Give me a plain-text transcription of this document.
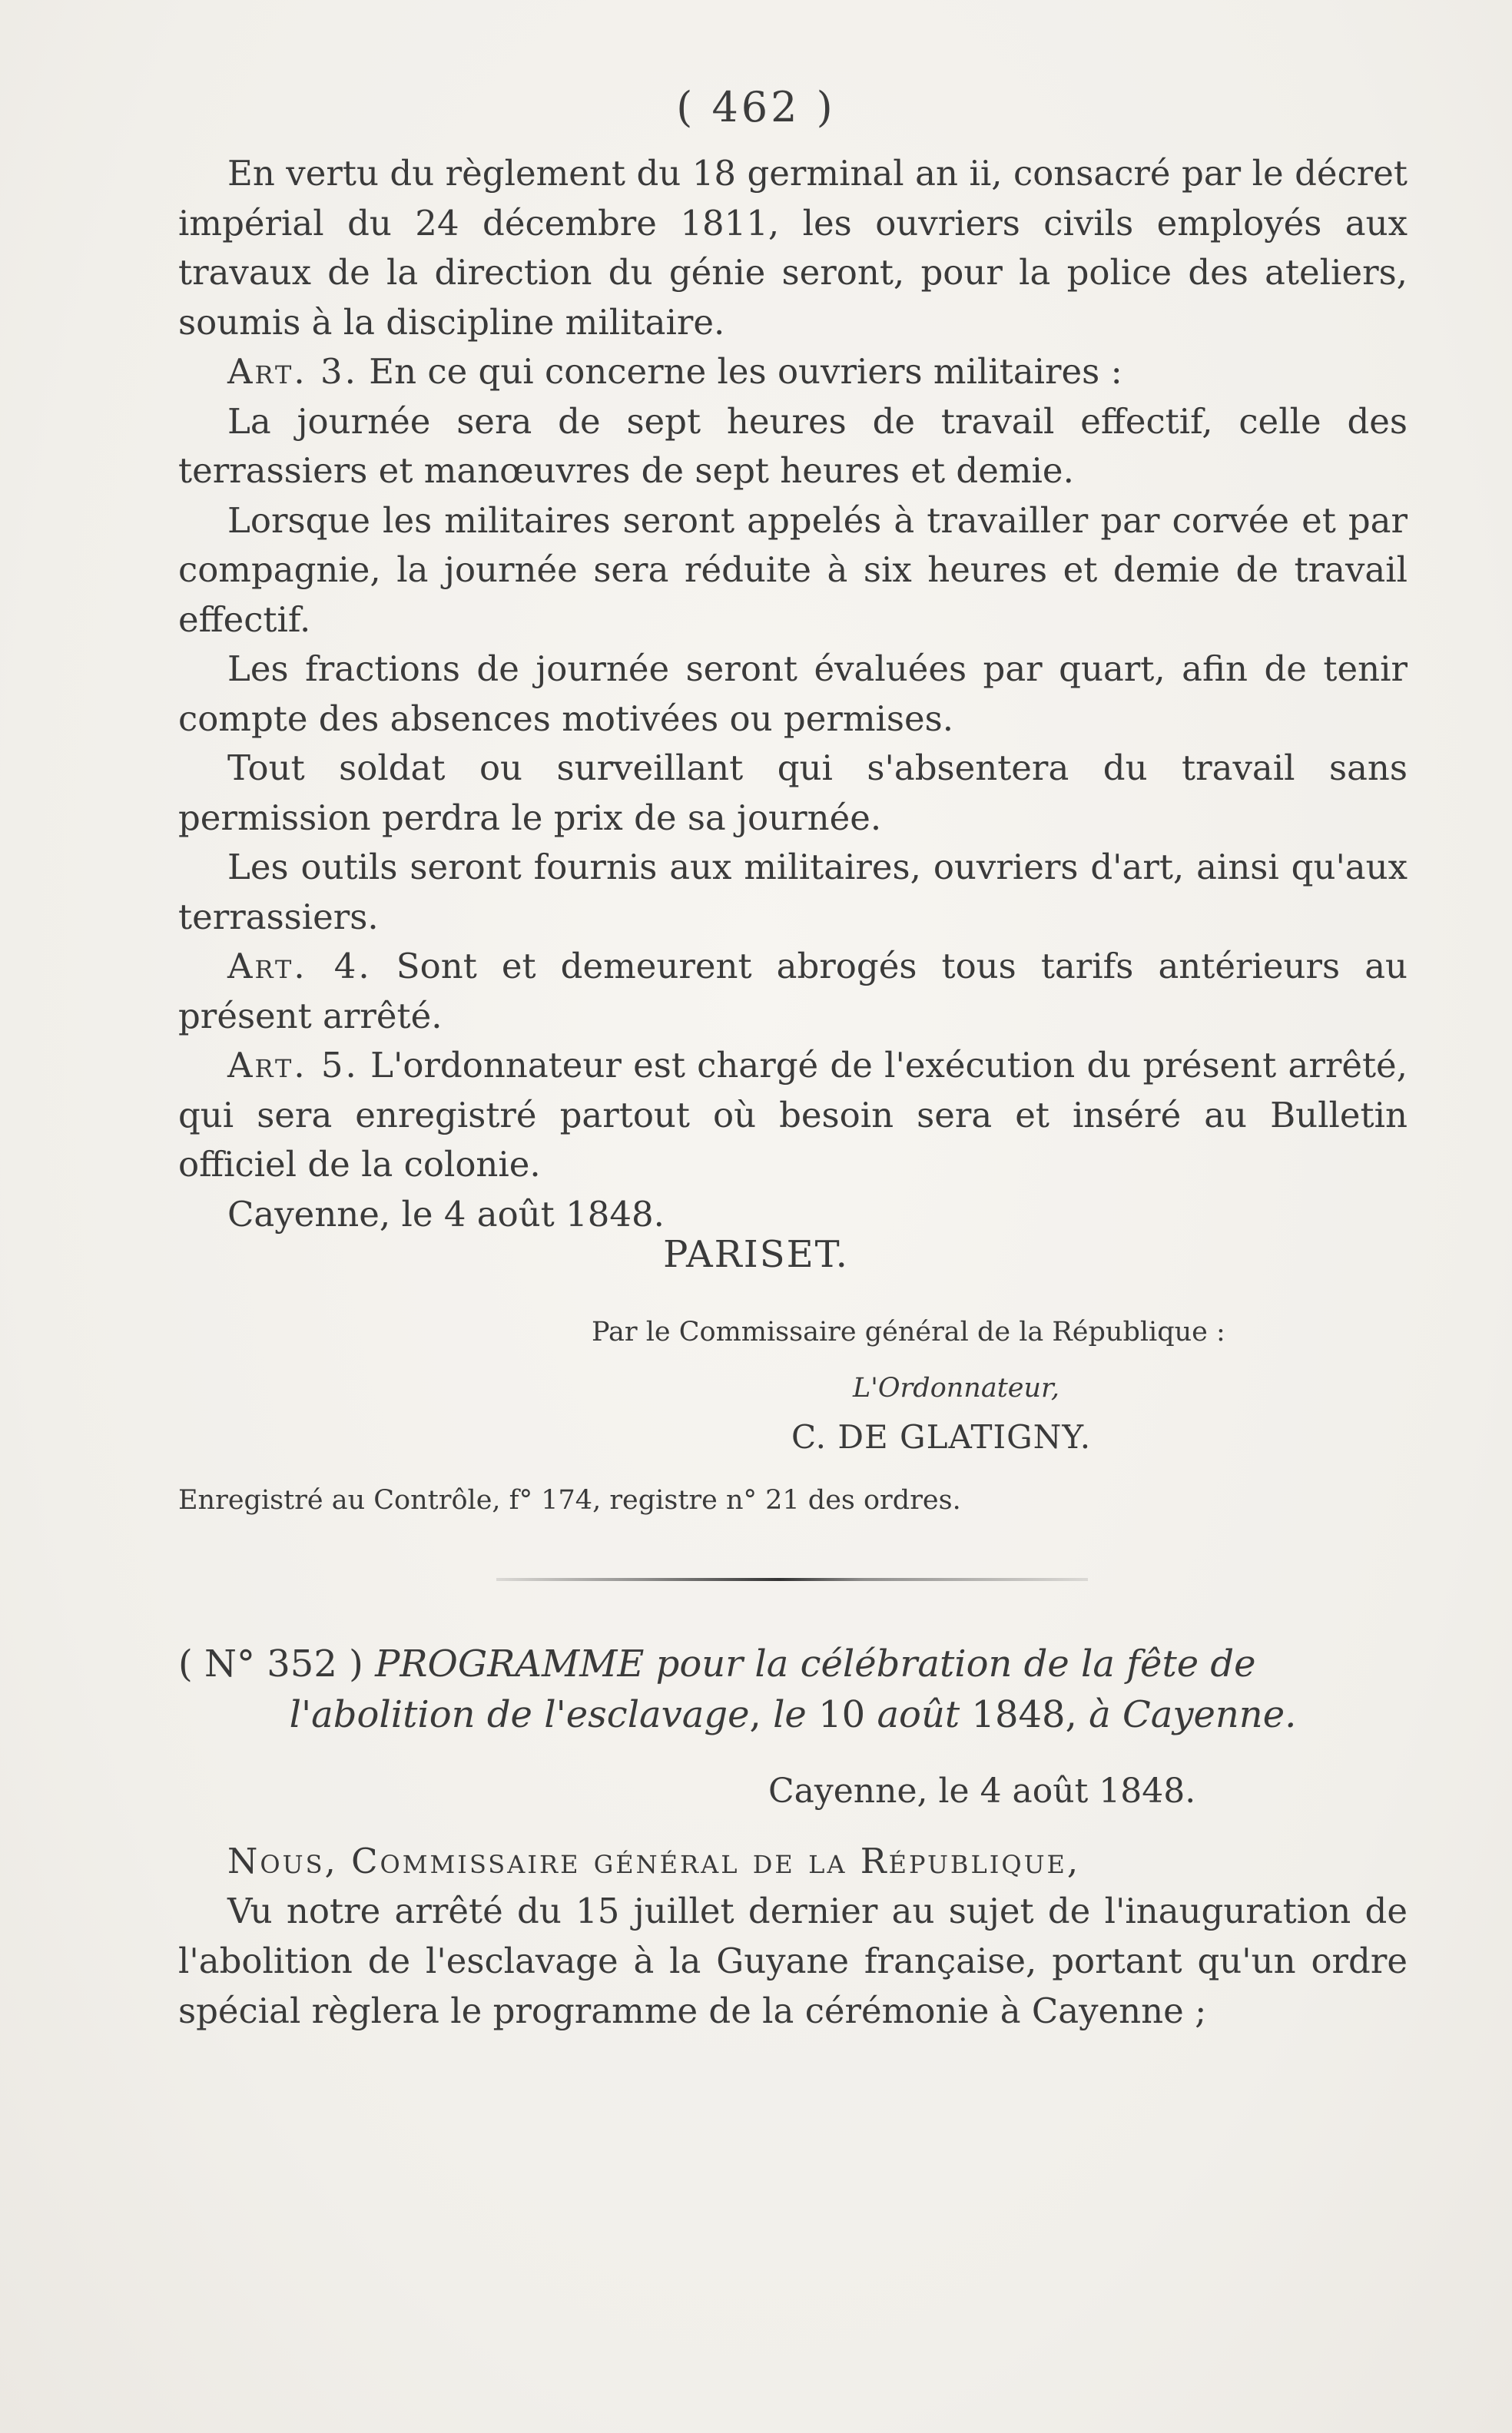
( 462 )

En vertu du règlement du 18 germinal an ii, consacré par le décret impérial du 24 décembre 1811, les ouvriers civils employés aux travaux de la direction du génie seront, pour la police des ateliers, soumis à la discipline militaire.

Art. 3. En ce qui concerne les ouvriers militaires :

La journée sera de sept heures de travail effectif, celle des terrassiers et manœuvres de sept heures et demie.

Lorsque les militaires seront appelés à travailler par corvée et par compagnie, la journée sera réduite à six heures et demie de travail effectif.

Les fractions de journée seront évaluées par quart, afin de tenir compte des absences motivées ou permises.

Tout soldat ou surveillant qui s'absentera du travail sans permission perdra le prix de sa journée.

Les outils seront fournis aux militaires, ouvriers d'art, ainsi qu'aux terrassiers.

Art. 4. Sont et demeurent abrogés tous tarifs antérieurs au présent arrêté.

Art. 5. L'ordonnateur est chargé de l'exécution du présent arrêté, qui sera enregistré partout où besoin sera et inséré au Bulletin officiel de la colonie.

Cayenne, le 4 août 1848.

PARISET.
Par le Commissaire général de la République :
L'Ordonnateur,
C. DE GLATIGNY.
Enregistré au Contrôle, f° 174, registre n° 21 des ordres.
( N° 352 ) PROGRAMME pour la célébration de la fête de
l'abolition de l'esclavage, le 10 août 1848, à Cayenne.
Cayenne, le 4 août 1848.

Nous, Commissaire général de la République,

Vu notre arrêté du 15 juillet dernier au sujet de l'inauguration de l'abolition de l'esclavage à la Guyane française, portant qu'un ordre spécial règlera le programme de la cérémonie à Cayenne ;
